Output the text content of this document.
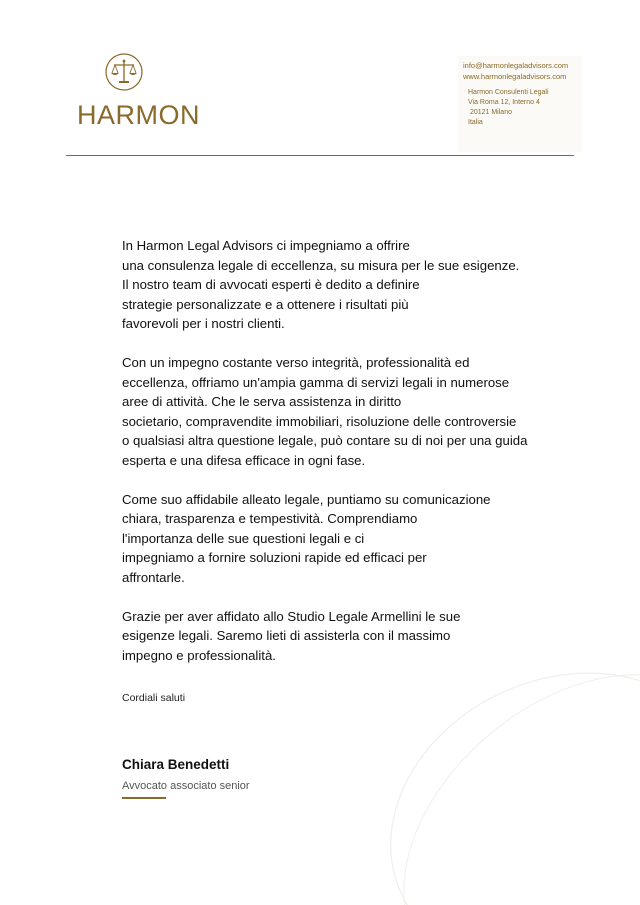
HARMON
info@harmonlegaladvisors.com
www.harmonlegaladvisors.com
Harmon Consulenti Legali
Via Roma 12, Interno 4
20121 Milano
Italia

In Harmon Legal Advisors ci impegniamo a offrire
una consulenza legale di eccellenza, su misura per le sue esigenze.
Il nostro team di avvocati esperti è dedito a definire
strategie personalizzate e a ottenere i risultati più
favorevoli per i nostri clienti.

Con un impegno costante verso integrità, professionalità ed
eccellenza, offriamo un'ampia gamma di servizi legali in numerose
aree di attività. Che le serva assistenza in diritto
societario, compravendite immobiliari, risoluzione delle controversie
o qualsiasi altra questione legale, può contare su di noi per una guida
esperta e una difesa efficace in ogni fase.

Come suo affidabile alleato legale, puntiamo su comunicazione
chiara, trasparenza e tempestività. Comprendiamo
l'importanza delle sue questioni legali e ci
impegniamo a fornire soluzioni rapide ed efficaci per
affrontarle.

Grazie per aver affidato allo Studio Legale Armellini le sue
esigenze legali. Saremo lieti di assisterla con il massimo
impegno e professionalità.

Cordiali saluti
Chiara Benedetti
Avvocato associato senior
